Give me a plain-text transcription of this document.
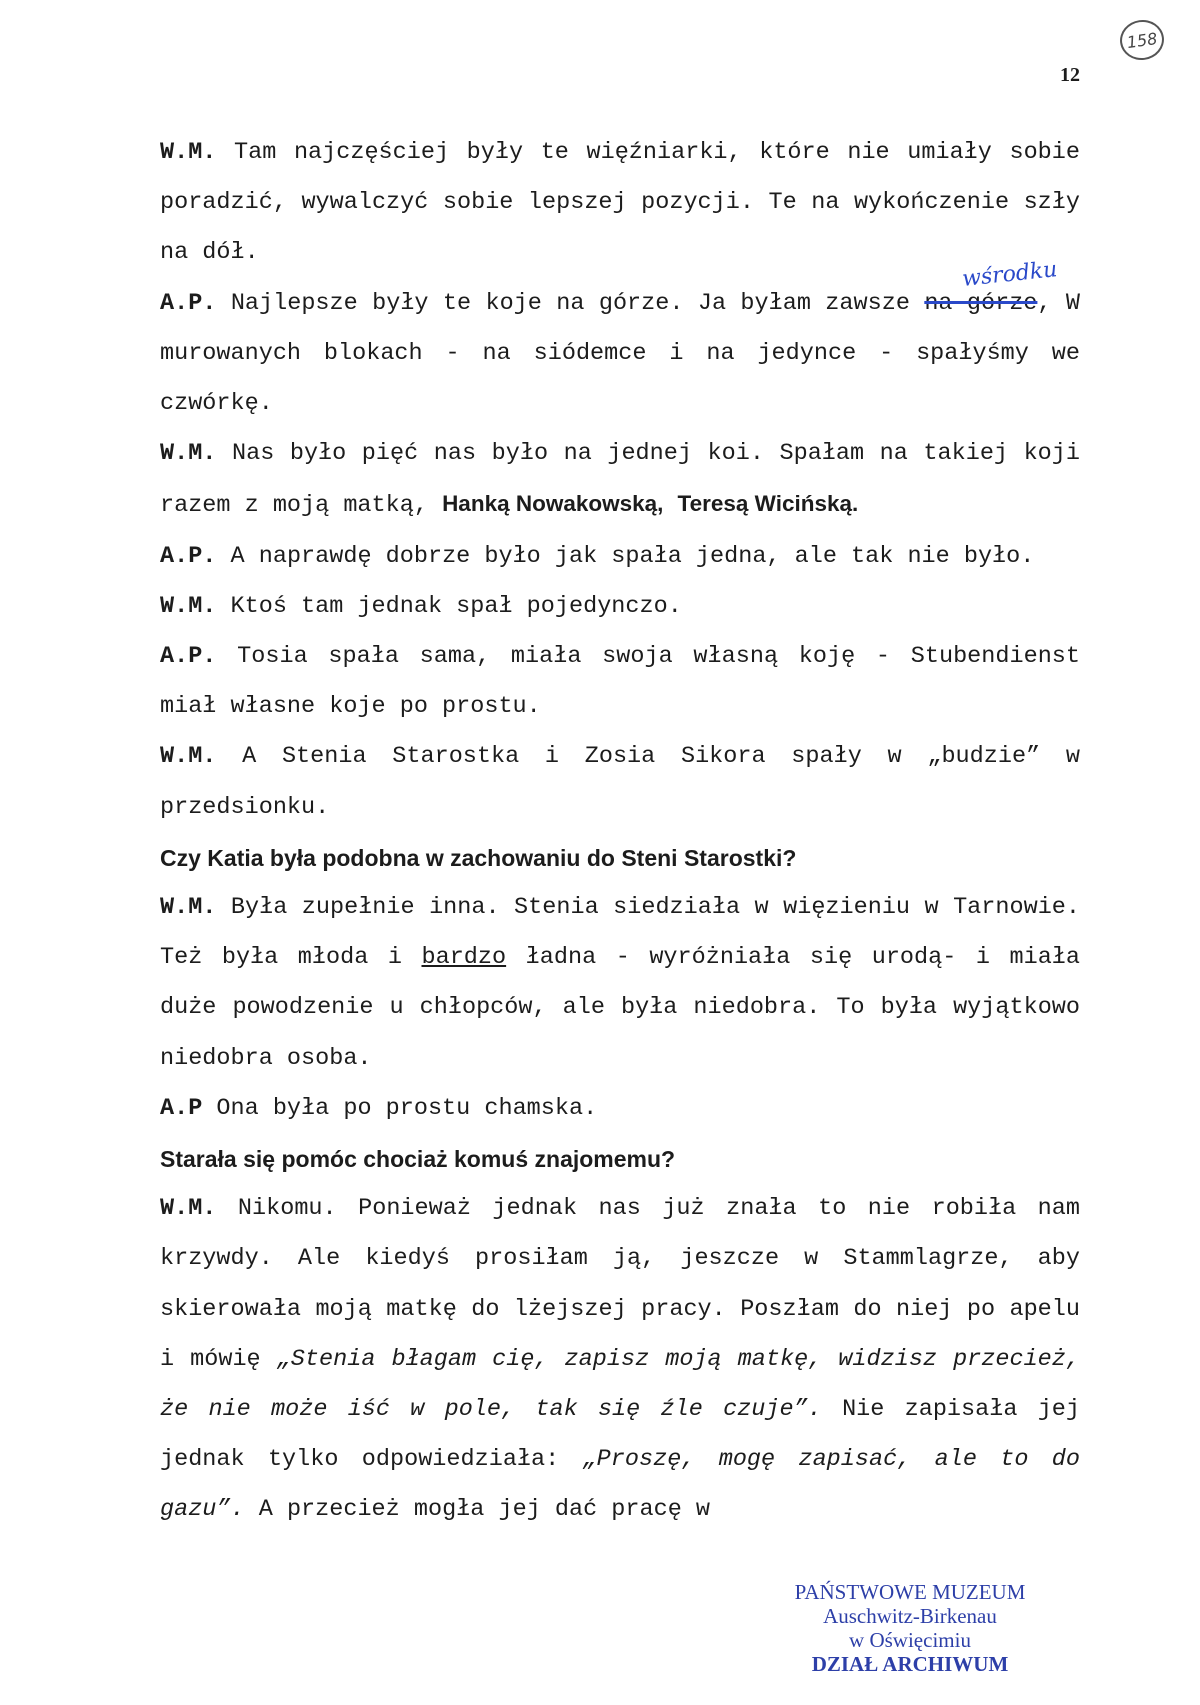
158
12
wśrodku

W.M. Tam najczęściej były te więźniarki, które nie umiały sobie poradzić, wywalczyć sobie lepszej pozycji. Te na wykończenie szły na dół.

A.P. Najlepsze były te koje na górze. Ja byłam zawsze na górze, W murowanych blokach - na siódemce i na jedynce - spałyśmy we czwórkę.

W.M. Nas było pięć nas było na jednej koi. Spałam na takiej koji razem z moją matką, Hanką Nowakowską, Teresą Wicińską.

A.P. A naprawdę dobrze było jak spała jedna, ale tak nie było.

W.M. Ktoś tam jednak spał pojedynczo.

A.P. Tosia spała sama, miała swoja własną koję - Stubendienst miał własne koje po prostu.

W.M. A Stenia Starostka i Zosia Sikora spały w „budzie” w przedsionku.

Czy Katia była podobna w zachowaniu do Steni Starostki?

W.M. Była zupełnie inna. Stenia siedziała w więzieniu w Tarnowie. Też była młoda i bardzo ładna - wyróżniała się urodą- i miała duże powodzenie u chłopców, ale była niedobra. To była wyjątkowo niedobra osoba.

A.P Ona była po prostu chamska.

Starała się pomóc chociaż komuś znajomemu?

W.M. Nikomu. Ponieważ jednak nas już znała to nie robiła nam krzywdy. Ale kiedyś prosiłam ją, jeszcze w Stammlagrze, aby skierowała moją matkę do lżejszej pracy. Poszłam do niej po apelu i mówię „Stenia błagam cię, zapisz moją matkę, widzisz przecież, że nie może iść w pole, tak się źle czuje”. Nie zapisała jej jednak tylko odpowiedziała: „Proszę, mogę zapisać, ale to do gazu”. A przecież mogła jej dać pracę w

PAŃSTWOWE MUZEUM
Auschwitz-Birkenau
w Oświęcimiu
DZIAŁ ARCHIWUM
